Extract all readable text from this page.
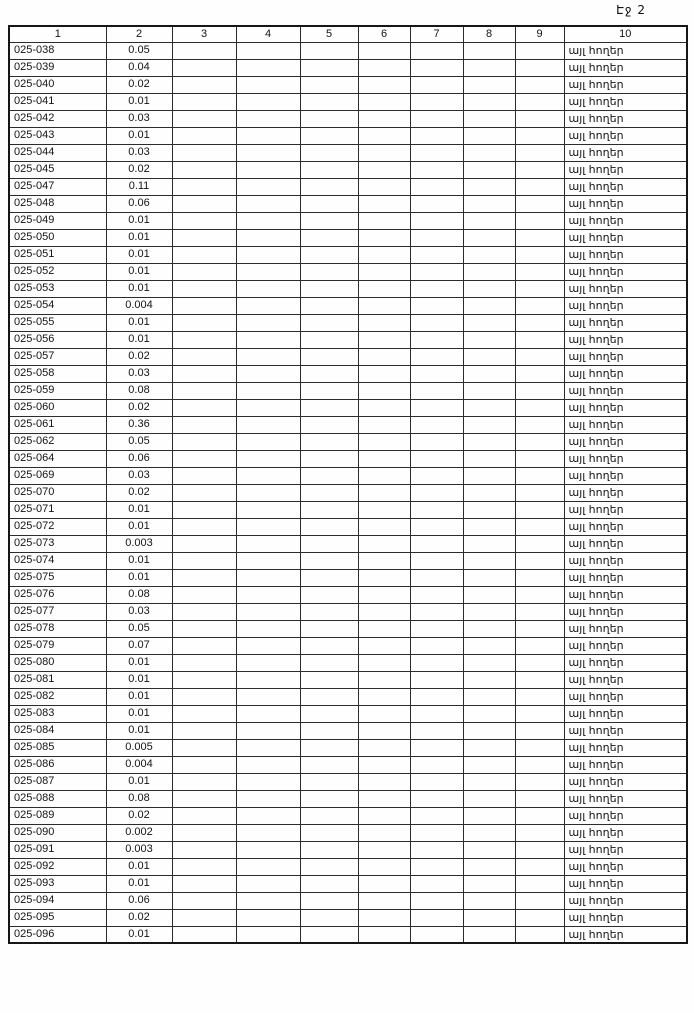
Էջ 2
1	2	3	4	5	6	7	8	9	10
025-038	0.05								այլ հողեր
025-039	0.04								այլ հողեր
025-040	0.02								այլ հողեր
025-041	0.01								այլ հողեր
025-042	0.03								այլ հողեր
025-043	0.01								այլ հողեր
025-044	0.03								այլ հողեր
025-045	0.02								այլ հողեր
025-047	0.11								այլ հողեր
025-048	0.06								այլ հողեր
025-049	0.01								այլ հողեր
025-050	0.01								այլ հողեր
025-051	0.01								այլ հողեր
025-052	0.01								այլ հողեր
025-053	0.01								այլ հողեր
025-054	0.004								այլ հողեր
025-055	0.01								այլ հողեր
025-056	0.01								այլ հողեր
025-057	0.02								այլ հողեր
025-058	0.03								այլ հողեր
025-059	0.08								այլ հողեր
025-060	0.02								այլ հողեր
025-061	0.36								այլ հողեր
025-062	0.05								այլ հողեր
025-064	0.06								այլ հողեր
025-069	0.03								այլ հողեր
025-070	0.02								այլ հողեր
025-071	0.01								այլ հողեր
025-072	0.01								այլ հողեր
025-073	0.003								այլ հողեր
025-074	0.01								այլ հողեր
025-075	0.01								այլ հողեր
025-076	0.08								այլ հողեր
025-077	0.03								այլ հողեր
025-078	0.05								այլ հողեր
025-079	0.07								այլ հողեր
025-080	0.01								այլ հողեր
025-081	0.01								այլ հողեր
025-082	0.01								այլ հողեր
025-083	0.01								այլ հողեր
025-084	0.01								այլ հողեր
025-085	0.005								այլ հողեր
025-086	0.004								այլ հողեր
025-087	0.01								այլ հողեր
025-088	0.08								այլ հողեր
025-089	0.02								այլ հողեր
025-090	0.002								այլ հողեր
025-091	0.003								այլ հողեր
025-092	0.01								այլ հողեր
025-093	0.01								այլ հողեր
025-094	0.06								այլ հողեր
025-095	0.02								այլ հողեր
025-096	0.01								այլ հողեր
